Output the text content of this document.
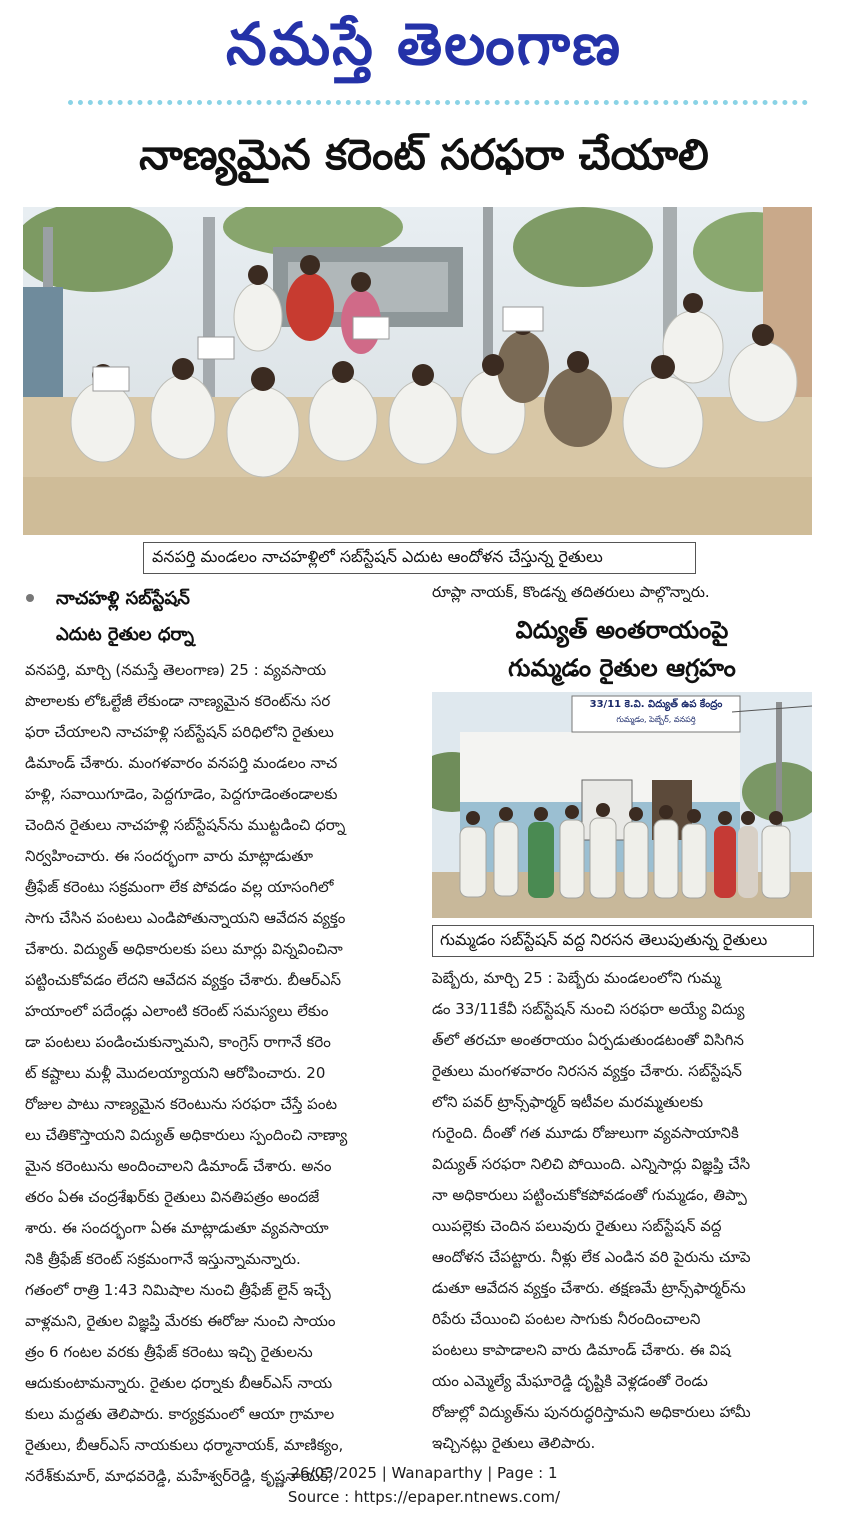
నమస్తే తెలంగాణ
నాణ్యమైన కరెంట్ సరఫరా చేయాలి
వనపర్తి మండలం నాచహళ్లిలో సబ్‌స్టేషన్ ఎదుట ఆందోళన చేస్తున్న రైతులు
నాచహళ్లి సబ్‌స్టేషన్
ఎదుట రైతుల ధర్నా
వనపర్తి, మార్చి (నమస్తే తెలంగాణ) 25 : వ్యవసాయ
పొలాలకు లోఓల్టేజీ లేకుండా నాణ్యమైన కరెంట్‌ను సర
ఫరా చేయాలని నాచహళ్లి సబ్‌స్టేషన్ పరిధిలోని రైతులు
డిమాండ్ చేశారు. మంగళవారం వనపర్తి మండలం నాచ
హళ్లి, సవాయిగూడెం, పెద్దగూడెం, పెద్దగూడెంతండాలకు
చెందిన రైతులు నాచహళ్లి సబ్‌స్టేషన్‌ను ముట్టడించి ధర్నా
నిర్వహించారు. ఈ సందర్భంగా వారు మాట్లాడుతూ
త్రీఫేజ్ కరెంటు సక్రమంగా లేక పోవడం వల్ల యాసంగిలో
సాగు చేసిన పంటలు ఎండిపోతున్నాయని ఆవేదన వ్యక్తం
చేశారు. విద్యుత్ అధికారులకు పలు మార్లు విన్నవించినా
పట్టించుకోవడం లేదని ఆవేదన వ్యక్తం చేశారు. బీఆర్ఎస్
హయాంలో పదేండ్లు ఎలాంటి కరెంట్ సమస్యలు లేకుం
డా పంటలు పండించుకున్నామని, కాంగ్రెస్ రాగానే కరెం
ట్ కష్టాలు మళ్లీ మొదలయ్యాయని ఆరోపించారు. 20
రోజుల పాటు నాణ్యమైన కరెంటును సరఫరా చేస్తే పంట
లు చేతికొస్తాయని విద్యుత్ అధికారులు స్పందించి నాణ్యా
మైన కరెంటును అందించాలని డిమాండ్ చేశారు. అనం
తరం ఏఈ చంద్రశేఖర్‌కు రైతులు వినతిపత్రం అందజే
శారు. ఈ సందర్భంగా ఏఈ మాట్లాడుతూ వ్యవసాయా
నికి త్రీఫేజ్ కరెంట్ సక్రమంగానే ఇస్తున్నామన్నారు.
గతంలో రాత్రి 1:43 నిమిషాల నుంచి త్రీఫేజ్ లైన్ ఇచ్చే
వాళ్లమని, రైతుల విజ్ఞప్తి మేరకు ఈరోజు నుంచి సాయం
త్రం 6 గంటల వరకు త్రీఫేజ్ కరెంటు ఇచ్చి రైతులను
ఆదుకుంటామన్నారు. రైతుల ధర్నాకు బీఆర్ఎస్ నాయ
కులు మద్దతు తెలిపారు. కార్యక్రమంలో ఆయా గ్రామాల
రైతులు, బీఆర్ఎస్ నాయకులు ధర్మానాయక్, మాణిక్యం,
నరేశ్‌కుమార్, మాధవరెడ్డి, మహేశ్వర్‌రెడ్డి, కృష్ణనాయక్,
రూప్లా నాయక్, కొండన్న తదితరులు పాల్గొన్నారు.
విద్యుత్ అంతరాయంపై
గుమ్మడం రైతుల ఆగ్రహం
33/11 కె.వి. విద్యుత్ ఉప కేంద్రం
గుమ్మడం, పెబ్బేర్, వనపర్తి
గుమ్మడం సబ్‌స్టేషన్ వద్ద నిరసన తెలుపుతున్న రైతులు
పెబ్బేరు, మార్చి 25 : పెబ్బేరు మండలంలోని గుమ్మ
డం 33/11కేవీ సబ్‌స్టేషన్ నుంచి సరఫరా అయ్యే విద్యు
త్‌లో తరచూ అంతరాయం ఏర్పడుతుండటంతో విసిగిన
రైతులు మంగళవారం నిరసన వ్యక్తం చేశారు. సబ్‌స్టేషన్
లోని పవర్ ట్రాన్స్‌ఫార్మర్ ఇటీవల మరమ్మతులకు
గురైంది. దీంతో గత మూడు రోజులుగా వ్యవసాయానికి
విద్యుత్ సరఫరా నిలిచి పోయింది. ఎన్నిసార్లు విజ్ఞప్తి చేసి
నా అధికారులు పట్టించుకోకపోవడంతో గుమ్మడం, తిప్పా
యిపల్లెకు చెందిన పలువురు రైతులు సబ్‌స్టేషన్ వద్ద
ఆందోళన చేపట్టారు. నీళ్లు లేక ఎండిన వరి పైరును చూపె
డుతూ ఆవేదన వ్యక్తం చేశారు. తక్షణమే ట్రాన్స్‌ఫార్మర్‌ను
రిపేరు చేయించి పంటల సాగుకు నీరందించాలని
పంటలు కాపాడాలని వారు డిమాండ్ చేశారు. ఈ విష
యం ఎమ్మెల్యే మేఘారెడ్డి దృష్టికి వెళ్లడంతో రెండు
రోజుల్లో విద్యుత్‌ను పునరుద్ధరిస్తామని అధికారులు హామీ
ఇచ్చినట్లు రైతులు తెలిపారు.
26/03/2025 | Wanaparthy | Page : 1
Source : https://epaper.ntnews.com/
